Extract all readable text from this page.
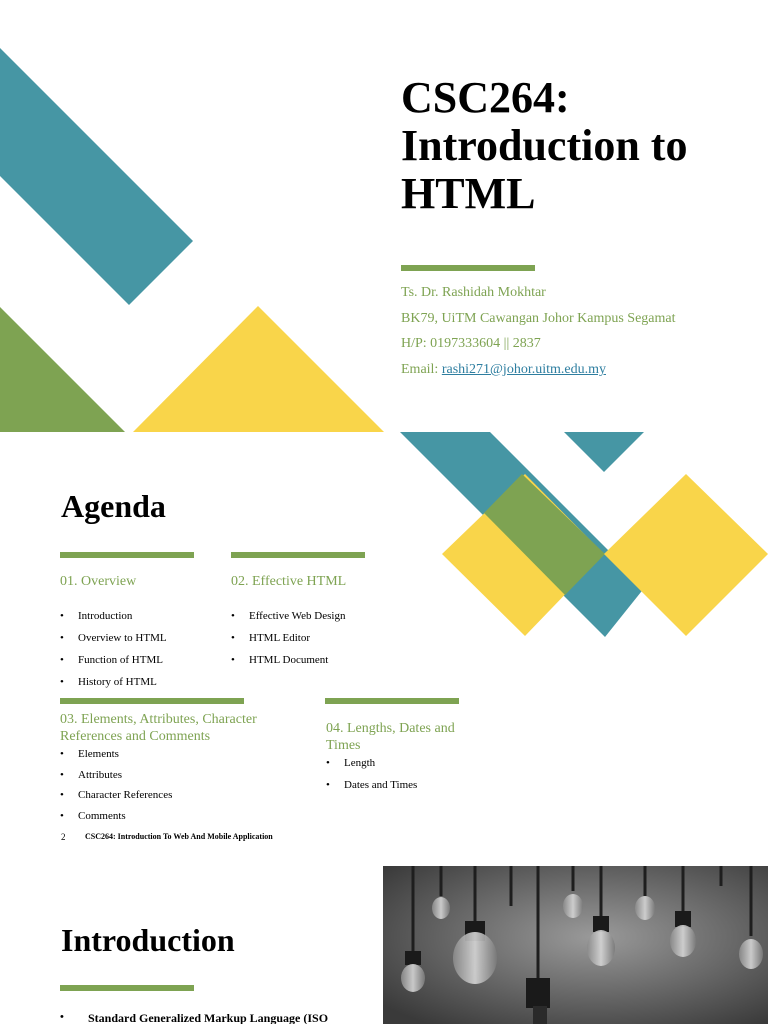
CSC264:
Introduction to
HTML
Ts. Dr. Rashidah Mokhtar
BK79, UiTM Cawangan Johor Kampus Segamat
H/P: 0197333604 || 2837
Email: rashi271@johor.uitm.edu.my
Agenda
01. Overview
• Introduction
• Overview to HTML
• Function of HTML
• History of HTML
02. Effective HTML
• Effective Web Design
• HTML Editor
• HTML Document
03. Elements, Attributes, Character References and Comments
• Elements
• Attributes
• Character References
• Comments
04. Lengths, Dates and Times
• Length
• Dates and Times
2 CSC264: Introduction To Web And Mobile Application
Introduction
• Standard Generalized Markup Language (ISO
